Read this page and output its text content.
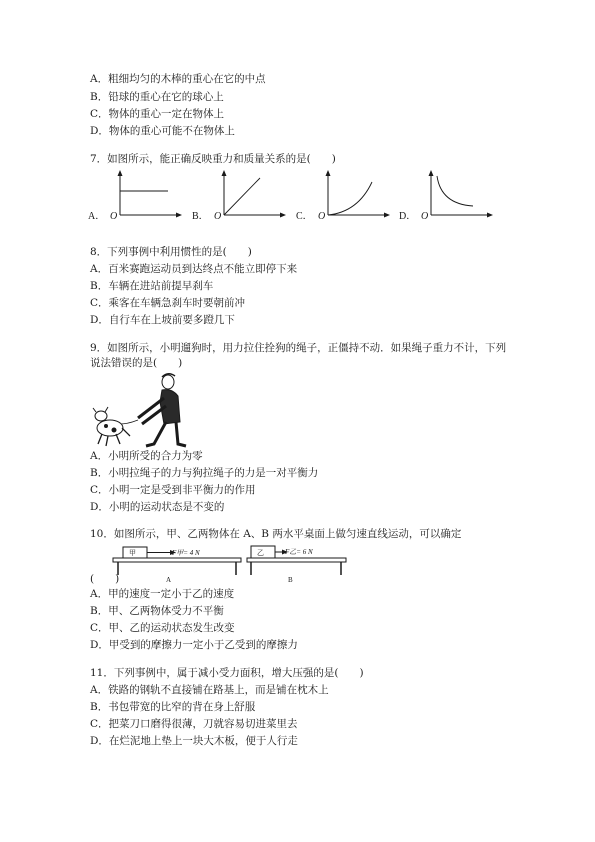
A．粗细均匀的木棒的重心在它的中点
B．铅球的重心在它的球心上
C．物体的重心一定在物体上
D．物体的重心可能不在物体上
7．如图所示，能正确反映重力和质量关系的是(　　)
A． O	B． O	C． O	D． O
8．下列事例中利用惯性的是(　　)
A．百米赛跑运动员到达终点不能立即停下来
B．车辆在进站前提早刹车
C．乘客在车辆急刹车时要朝前冲
D．自行车在上坡前要多蹬几下
9．如图所示，小明遛狗时，用力拉住拴狗的绳子，正僵持不动．如果绳子重力不计，下列
说法错误的是(　　)
A．小明所受的合力为零
B．小明拉绳子的力与狗拉绳子的力是一对平衡力
C．小明一定是受到非平衡力的作用
D．小明的运动状态是不变的
10．如图所示，甲、乙两物体在 A、B 两水平桌面上做匀速直线运动，可以确定
甲	F甲= 4 N
A
乙	F乙= 6 N
B
(　　)
A．甲的速度一定小于乙的速度
B．甲、乙两物体受力不平衡
C．甲、乙的运动状态发生改变
D．甲受到的摩擦力一定小于乙受到的摩擦力
11．下列事例中，属于减小受力面积，增大压强的是(　　)
A．铁路的钢轨不直接铺在路基上，而是铺在枕木上
B．书包带宽的比窄的背在身上舒服
C．把菜刀口磨得很薄，刀就容易切进菜里去
D．在烂泥地上垫上一块大木板，便于人行走
